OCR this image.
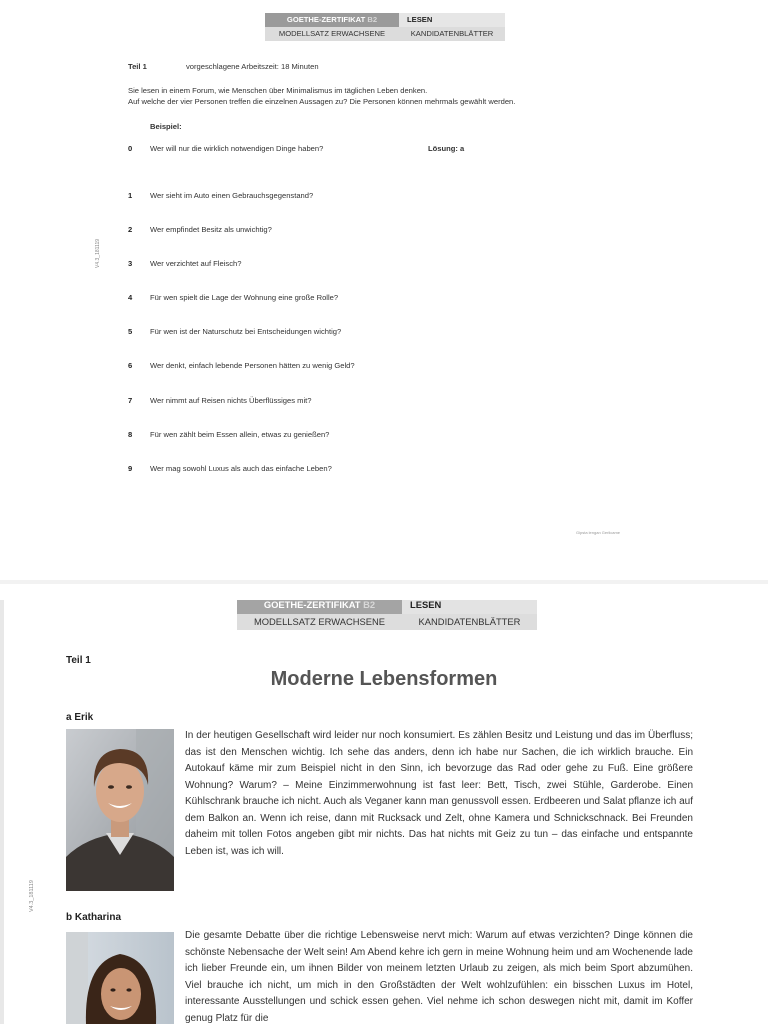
GOETHE-ZERTIFIKAT B2	LESEN
MODELLSATZ ERWACHSENE	KANDIDATENBLÄTTER
Teil 1	vorgeschlagene Arbeitszeit: 18 Minuten
Sie lesen in einem Forum, wie Menschen über Minimalismus im täglichen Leben denken.
Auf welche der vier Personen treffen die einzelnen Aussagen zu? Die Personen können mehrmals gewählt werden.
Beispiel:
0 Wer will nur die wirklich notwendigen Dinge haben?	Lösung: a
1 Wer sieht im Auto einen Gebrauchsgegenstand?
2 Wer empfindet Besitz als unwichtig?
3 Wer verzichtet auf Fleisch?
4 Für wen spielt die Lage der Wohnung eine große Rolle?
5 Für wen ist der Naturschutz bei Entscheidungen wichtig?
6 Wer denkt, einfach lebende Personen hätten zu wenig Geld?
7 Wer nimmt auf Reisen nichts Überflüssiges mit?
8 Für wen zählt beim Essen allein, etwas zu genießen?
9 Wer mag sowohl Luxus als auch das einfache Leben?
V4.3_181119
Gipsta lengan Gerlicame
GOETHE-ZERTIFIKAT B2	LESEN
MODELLSATZ ERWACHSENE	KANDIDATENBLÄTTER
Teil 1
Moderne Lebensformen
V4.3_181119
a Erik

In der heutigen Gesellschaft wird leider nur noch konsumiert. Es zählen Besitz und Leistung und das im Überfluss; das ist den Menschen wichtig. Ich sehe das anders, denn ich habe nur Sachen, die ich wirklich brauche. Ein Autokauf käme mir zum Beispiel nicht in den Sinn, ich bevorzuge das Rad oder gehe zu Fuß. Eine größere Wohnung? Warum? – Meine Einzimmerwohnung ist fast leer: Bett, Tisch, zwei Stühle, Garderobe. Einen Kühlschrank brauche ich nicht. Auch als Veganer kann man genussvoll essen. Erdbeeren und Salat pflanze ich auf dem Balkon an. Wenn ich reise, dann mit Rucksack und Zelt, ohne Kamera und Schnickschnack. Bei Freunden daheim mit tollen Fotos angeben gibt mir nichts. Das hat nichts mit Geiz zu tun – das einfache und entspannte Leben ist, was ich will.

b Katharina

Die gesamte Debatte über die richtige Lebensweise nervt mich: Warum auf etwas verzichten? Dinge können die schönste Nebensache der Welt sein! Am Abend kehre ich gern in meine Wohnung heim und am Wochenende lade ich lieber Freunde ein, um ihnen Bilder von meinem letzten Urlaub zu zeigen, als mich beim Sport abzumühen. Viel brauche ich nicht, um mich in den Großstädten der Welt wohlzufühlen: ein bisschen Luxus im Hotel, interessante Ausstellungen und schick essen gehen. Viel nehme ich schon deswegen nicht mit, damit im Koffer genug Platz für die
